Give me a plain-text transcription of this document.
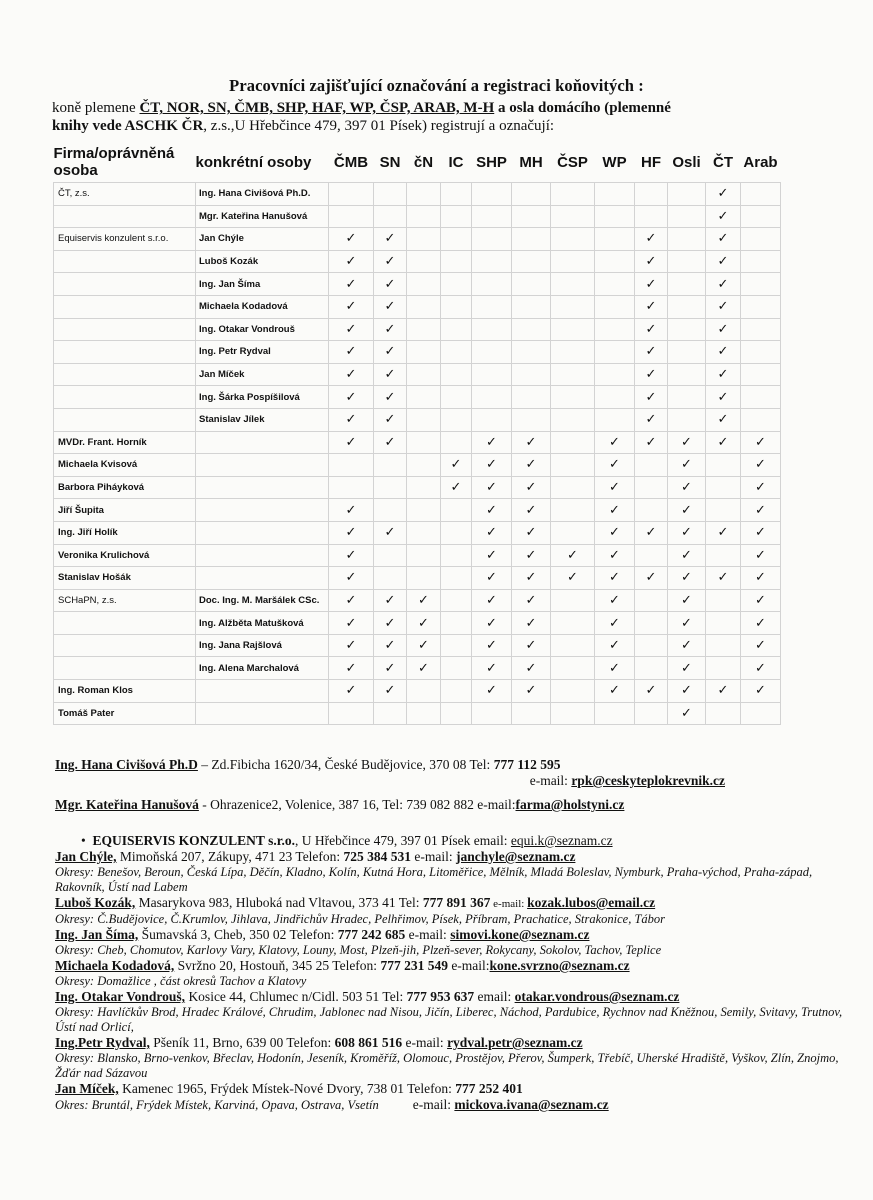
Pracovníci zajišťující označování a registraci koňovitých :
koně plemene ČT, NOR, SN, ČMB, SHP, HAF, WP, ČSP, ARAB, M-H a osla domácího (plemenné
knihy vede ASCHK ČR, z.s.,U Hřebčince 479, 397 01 Písek) registrují a označují:
Firma/oprávněná osoba	konkrétní osoby	ČMB	SN	čN	IC	SHP	MH	ČSP	WP	HF	Osli	ČT	Arab
ČT, z.s.	Ing. Hana Civišová Ph.D.											✓	
	Mgr. Kateřina Hanušová											✓	
Equiservis konzulent s.r.o.	Jan Chýle	✓	✓							✓		✓	
	Luboš Kozák	✓	✓							✓		✓	
	Ing. Jan Šíma	✓	✓							✓		✓	
	Michaela Kodadová	✓	✓							✓		✓	
	Ing. Otakar Vondrouš	✓	✓							✓		✓	
	Ing. Petr Rydval	✓	✓							✓		✓	
	Jan Míček	✓	✓							✓		✓	
	Ing. Šárka Pospíšilová	✓	✓							✓		✓	
	Stanislav Jílek	✓	✓							✓		✓	
MVDr. Frant. Horník		✓	✓			✓	✓		✓	✓	✓	✓	✓
Michaela Kvisová					✓	✓	✓		✓		✓		✓
Barbora Piháyková					✓	✓	✓		✓		✓		✓
Jiří Šupita		✓				✓	✓		✓		✓		✓
Ing. Jiří Holík		✓	✓			✓	✓		✓	✓	✓	✓	✓
Veronika Krulichová		✓				✓	✓	✓	✓		✓		✓
Stanislav Hošák		✓				✓	✓	✓	✓	✓	✓	✓	✓
SCHaPN, z.s.	Doc. Ing. M. Maršálek CSc.	✓	✓	✓		✓	✓		✓		✓		✓
	Ing. Alžběta Matušková	✓	✓	✓		✓	✓		✓		✓		✓
	Ing. Jana Rajšlová	✓	✓	✓		✓	✓		✓		✓		✓
	Ing. Alena Marchalová	✓	✓	✓		✓	✓		✓		✓		✓
Ing. Roman Klos		✓	✓			✓	✓		✓	✓	✓	✓	✓
Tomáš Pater											✓		
Ing. Hana Civišová Ph.D – Zd.Fibicha 1620/34, České Budějovice, 370 08 Tel: 777 112 595
e-mail: rpk@ceskyteplokrevnik.cz
Mgr. Kateřina Hanušová - Ohrazenice2, Volenice, 387 16, Tel: 739 082 882 e-mail:farma@holstyni.cz
• EQUISERVIS KONZULENT s.r.o., U Hřebčince 479, 397 01 Písek email: equi.k@seznam.cz
Jan Chýle, Mimoňská 207, Zákupy, 471 23 Telefon: 725 384 531 e-mail: janchyle@seznam.cz
Okresy: Benešov, Beroun, Česká Lípa, Děčín, Kladno, Kolín, Kutná Hora, Litoměřice, Mělník, Mladá Boleslav, Nymburk, Praha-východ, Praha-západ, Rakovník, Ústí nad Labem
Luboš Kozák, Masarykova 983, Hluboká nad Vltavou, 373 41 Tel: 777 891 367 e-mail: kozak.lubos@email.cz
Okresy: Č.Budějovice, Č.Krumlov, Jihlava, Jindřichův Hradec, Pelhřimov, Písek, Příbram, Prachatice, Strakonice, Tábor
Ing. Jan Šíma, Šumavská 3, Cheb, 350 02 Telefon: 777 242 685 e-mail: simovi.kone@seznam.cz
Okresy: Cheb, Chomutov, Karlovy Vary, Klatovy, Louny, Most, Plzeň-jih, Plzeň-sever, Rokycany, Sokolov, Tachov, Teplice
Michaela Kodadová, Svržno 20, Hostouň, 345 25 Telefon: 777 231 549 e-mail:kone.svrzno@seznam.cz
Okresy: Domažlice , část okresů Tachov a Klatovy
Ing. Otakar Vondrouš, Kosice 44, Chlumec n/Cidl. 503 51 Tel: 777 953 637 email: otakar.vondrous@seznam.cz
Okresy: Havlíčkův Brod, Hradec Králové, Chrudim, Jablonec nad Nisou, Jičín, Liberec, Náchod, Pardubice, Rychnov nad Kněžnou, Semily, Svitavy, Trutnov, Ústí nad Orlicí,
Ing.Petr Rydval, Pšeník 11, Brno, 639 00 Telefon: 608 861 516 e-mail: rydval.petr@seznam.cz
Okresy: Blansko, Brno-venkov, Břeclav, Hodonín, Jeseník, Kroměříž, Olomouc, Prostějov, Přerov, Šumperk, Třebíč, Uherské Hradiště, Vyškov, Zlín, Znojmo, Žďár nad Sázavou
Jan Míček, Kamenec 1965, Frýdek Místek-Nové Dvory, 738 01 Telefon: 777 252 401
Okres: Bruntál, Frýdek Místek, Karviná, Opava, Ostrava, Vsetín	e-mail: mickova.ivana@seznam.cz
